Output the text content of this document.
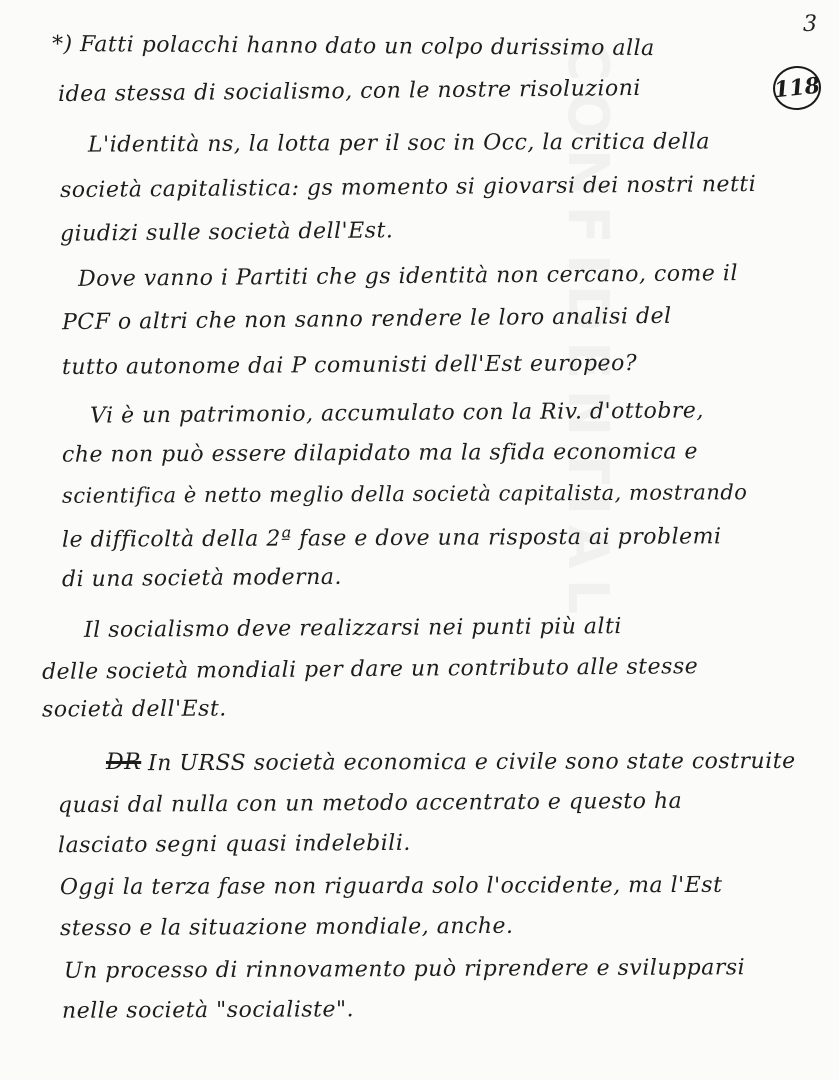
3
118
*) Fatti polacchi hanno dato un colpo durissimo alla
idea stessa di socialismo, con le nostre risoluzioni
L'identità ns, la lotta per il soc in Occ, la critica della
società capitalistica: gs momento si giovarsi dei nostri netti
giudizi sulle società dell'Est.
Dove vanno i Partiti che gs identità non cercano, come il
PCF o altri che non sanno rendere le loro analisi del
tutto autonome dai P comunisti dell'Est europeo?
Vi è un patrimonio, accumulato con la Riv. d'ottobre,
che non può essere dilapidato ma la sfida economica e
scientifica è netto meglio della società capitalista, mostrando
le difficoltà della 2ª fase e dove una risposta ai problemi
di una società moderna.
Il socialismo deve realizzarsi nei punti più alti
delle società mondiali per dare un contributo alle stesse
società dell'Est.
DR In URSS società economica e civile sono state costruite
quasi dal nulla con un metodo accentrato e questo ha
lasciato segni quasi indelebili.
Oggi la terza fase non riguarda solo l'occidente, ma l'Est
stesso e la situazione mondiale, anche.
Un processo di rinnovamento può riprendere e svilupparsi
nelle società "socialiste".
